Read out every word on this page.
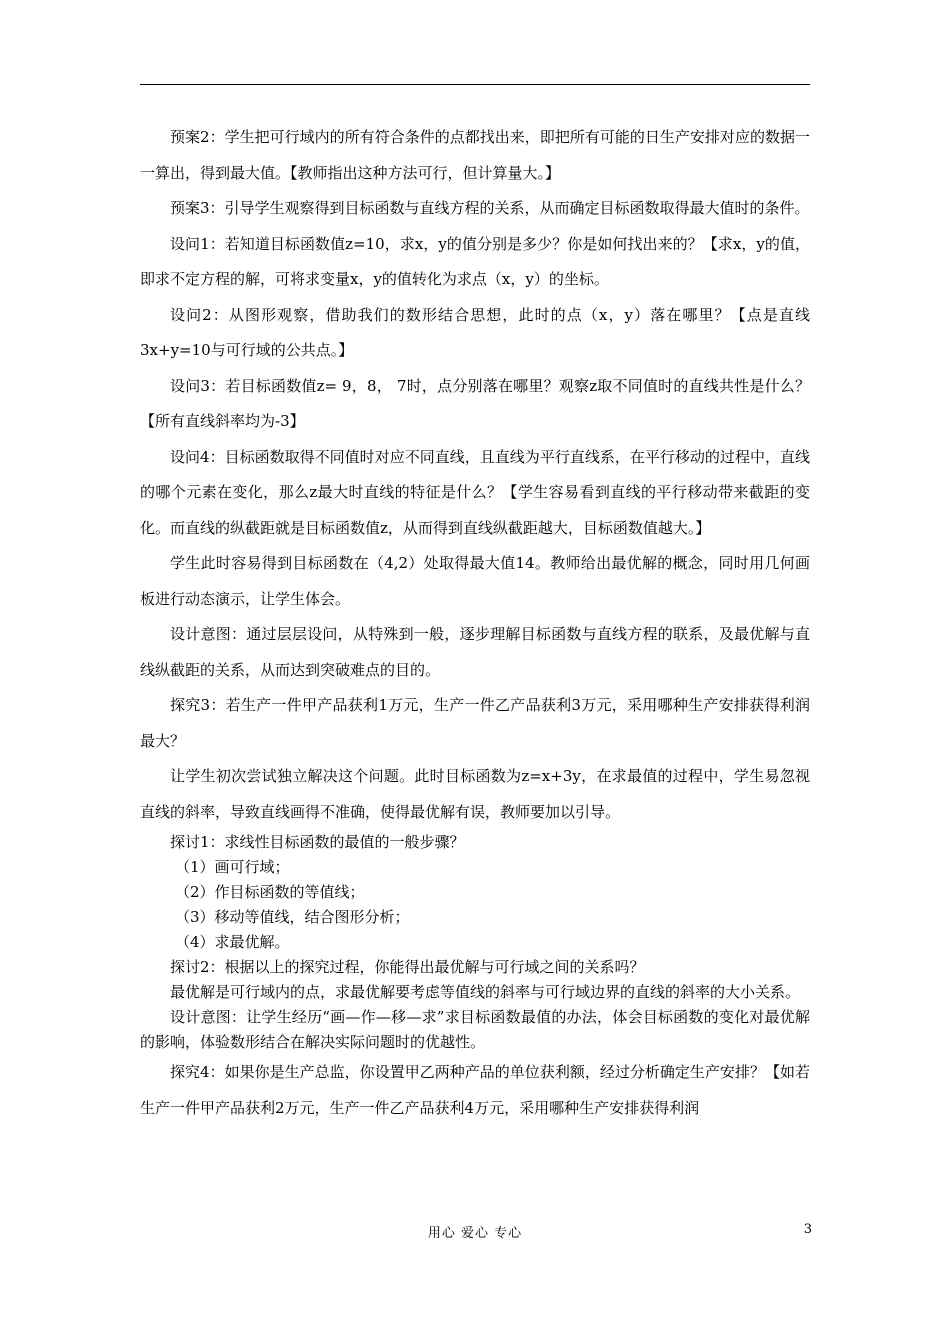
预案2：学生把可行域内的所有符合条件的点都找出来，即把所有可能的日生产安排对应的数据一一算出，得到最大值。【教师指出这种方法可行，但计算量大。】
预案3：引导学生观察得到目标函数与直线方程的关系，从而确定目标函数取得最大值时的条件。
设问1：若知道目标函数值z=10，求x，y的值分别是多少？你是如何找出来的？【求x，y的值，即求不定方程的解，可将求变量x，y的值转化为求点（x，y）的坐标。
设问2：从图形观察，借助我们的数形结合思想，此时的点（x，y）落在哪里？【点是直线3x+y=10与可行域的公共点。】
设问3：若目标函数值z= 9，8， 7时，点分别落在哪里？观察z取不同值时的直线共性是什么？【所有直线斜率均为-3】
设问4：目标函数取得不同值时对应不同直线，且直线为平行直线系，在平行移动的过程中，直线的哪个元素在变化，那么z最大时直线的特征是什么？【学生容易看到直线的平行移动带来截距的变化。而直线的纵截距就是目标函数值z，从而得到直线纵截距越大，目标函数值越大。】
学生此时容易得到目标函数在（4,2）处取得最大值14。教师给出最优解的概念，同时用几何画板进行动态演示，让学生体会。
设计意图：通过层层设问，从特殊到一般，逐步理解目标函数与直线方程的联系，及最优解与直线纵截距的关系，从而达到突破难点的目的。
探究3：若生产一件甲产品获利1万元，生产一件乙产品获利3万元，采用哪种生产安排获得利润最大？
让学生初次尝试独立解决这个问题。此时目标函数为z=x+3y，在求最值的过程中，学生易忽视直线的斜率，导致直线画得不准确，使得最优解有误，教师要加以引导。
探讨1：求线性目标函数的最值的一般步骤？
（1）画可行域；
（2）作目标函数的等值线；
（3）移动等值线，结合图形分析；
（4）求最优解。
探讨2：根据以上的探究过程，你能得出最优解与可行域之间的关系吗？
最优解是可行域内的点，求最优解要考虑等值线的斜率与可行域边界的直线的斜率的大小关系。
设计意图：让学生经历“画—作—移—求”求目标函数最值的办法，体会目标函数的变化对最优解的影响，体验数形结合在解决实际问题时的优越性。
探究4：如果你是生产总监，你设置甲乙两种产品的单位获利额，经过分析确定生产安排？【如若生产一件甲产品获利2万元，生产一件乙产品获利4万元，采用哪种生产安排获得利润
用心 爱心 专心	3
